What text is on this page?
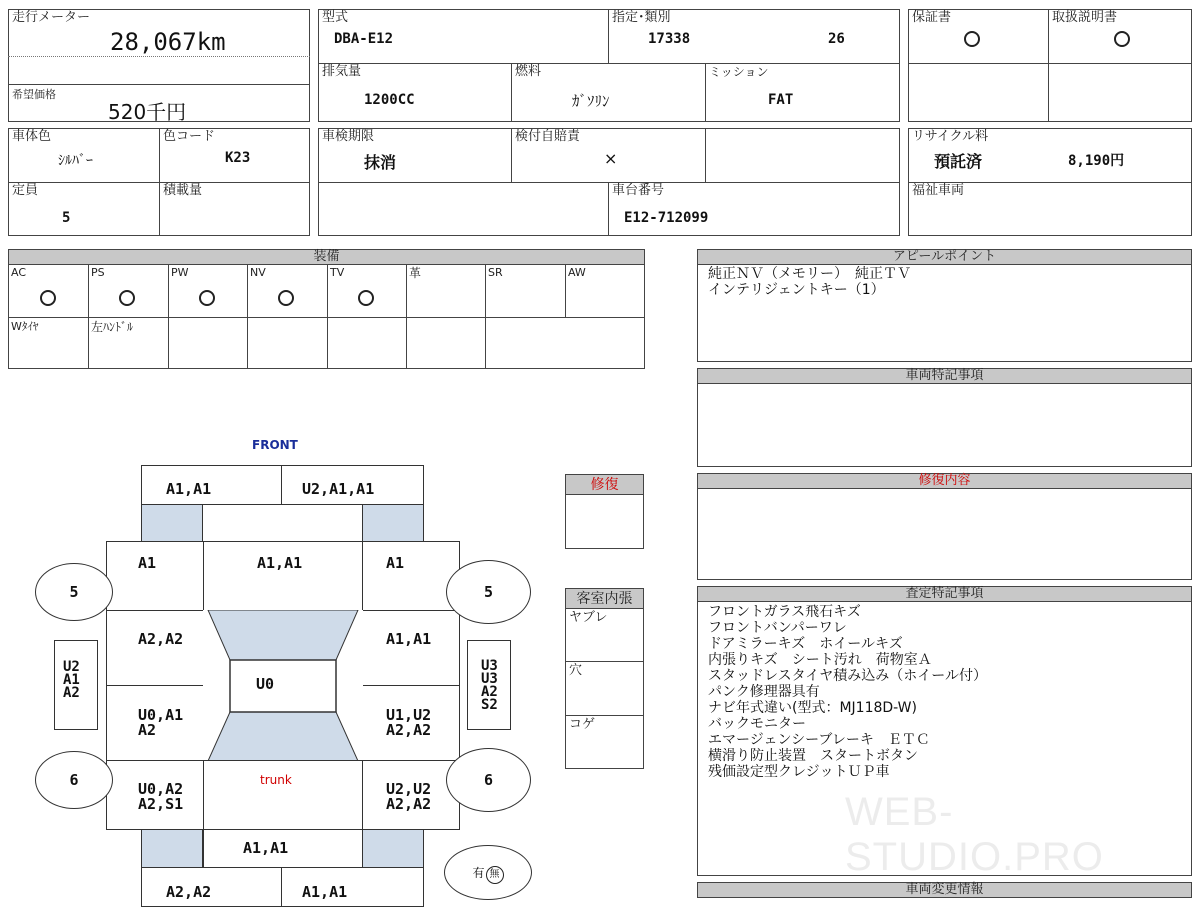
走行メーター
28,067km
希望価格
520千円
型式
DBA-E12
指定･類別
17338	26
排気量
1200CC
燃料
ｶﾞｿﾘﾝ
ミッション
FAT
保証書	取扱説明書
車体色
ｼﾙﾊﾞｰ
色コード
K23
定員
5
積載量
車検期限
抹消
検付自賠責
×
車台番号
E12-712099
リサイクル料
預託済	8,190円
福祉車両
装備
AC	PS	PW	NV	TV	革	SR	AW
Wﾀｲﾔ	左ﾊﾝﾄﾞﾙ
アピールポイント
純正ＮＶ（メモリー）　純正ＴＶ
インテリジェントキー（1）
車両特記事項
修復内容
査定特記事項
フロントガラス飛石キズ
フロントバンパーワレ
ドアミラーキズ　ホイールキズ
内張りキズ　シート汚れ　荷物室Ａ
スタッドレスタイヤ積み込み（ホイール付）
パンク修理器具有
ナビ年式違い(型式：MJ118D-W)
バックモニター
エマージェンシーブレーキ　ＥＴＣ
横滑り防止装置　スタートボタン
残価設定型クレジットＵＰ車
WEB-STUDIO.PRO
車両変更情報
修復
客室内張
ヤブレ
穴
コゲ
FRONT
A1,A1	U2,A1,A1
A1	A1,A1	A1
A2,A2	A1,A1
U0,A1
A2
U1,U2
A2,A2
U0
U0,A2
A2,S1
trunk	U2,U2
A2,A2
A1,A1
A2,A2	A1,A1
5	5
6	6
U2
A1
A2
U3
U3
A2
S2
有 無
